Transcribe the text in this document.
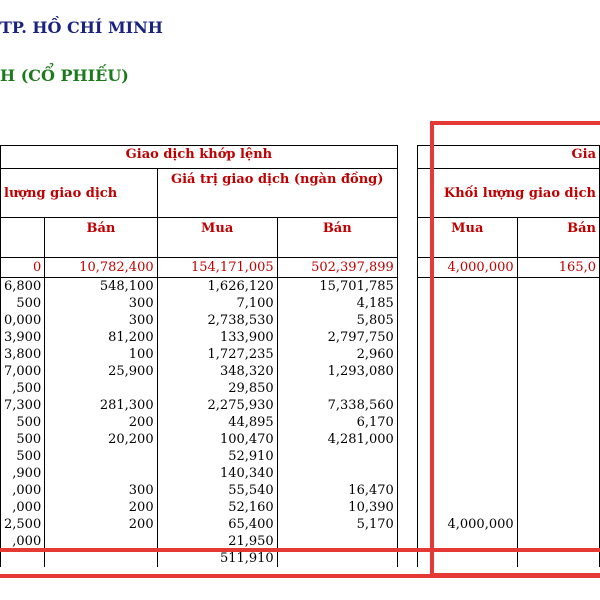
TP. HỒ CHÍ MINH
H (CỔ PHIẾU)
Giao dịch khớp lệnh					Gia	
lượng giao dịch		Giá trị giao dịch (ngàn đồng)			Khối lượng giao dịch	
	Bán	Mua	Bán		Mua	Bán
0	10,782,400	154,171,005	502,397,899		4,000,000	165,0
6,800	548,100	1,626,120	15,701,785			
500	300	7,100	4,185			
0,000	300	2,738,530	5,805			
3,900	81,200	133,900	2,797,750			
3,800	100	1,727,235	2,960			
7,000	25,900	348,320	1,293,080			
,500		29,850				
7,300	281,300	2,275,930	7,338,560			
500	200	44,895	6,170			
500	20,200	100,470	4,281,000			
500		52,910				
,900		140,340				
,000	300	55,540	16,470			
,000	200	52,160	10,390			
2,500	200	65,400	5,170		4,000,000	
,000		21,950				
		511,910				
